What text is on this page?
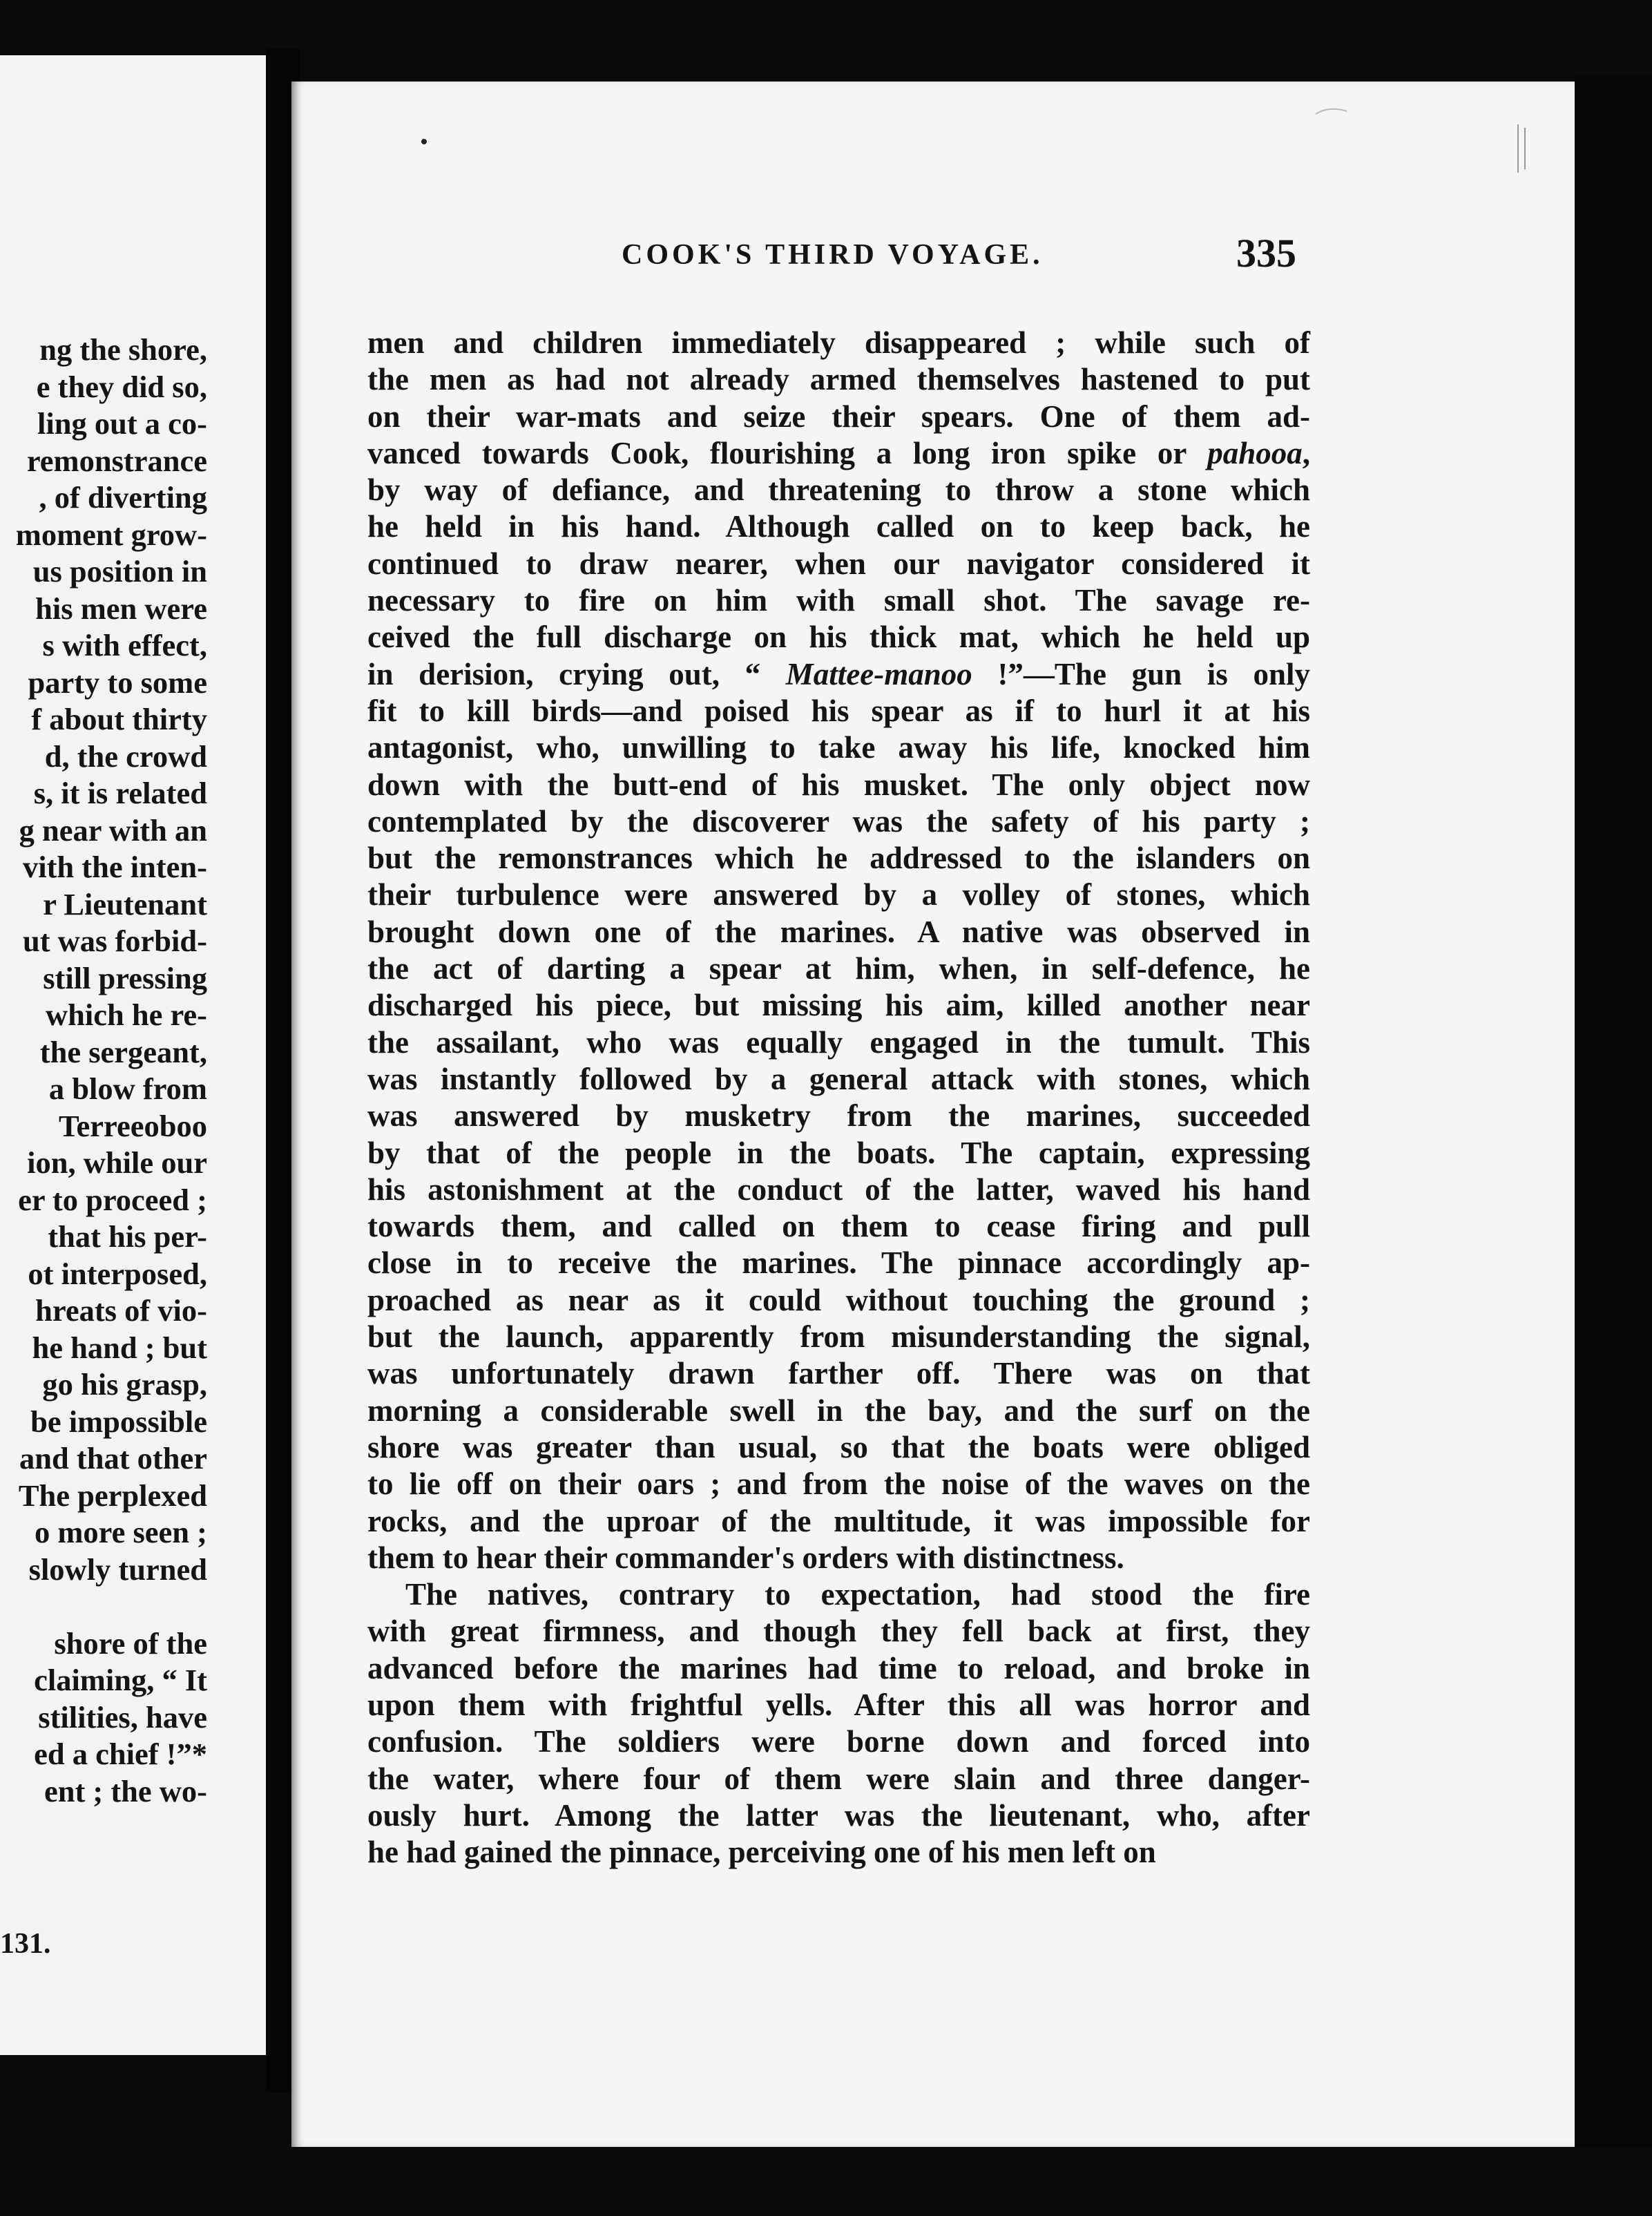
ng the shore,
e they did so,
ling out a co-
remonstrance
, of diverting
moment grow-
us position in
his men were
s with effect,
party to some
f about thirty
d, the crowd
s, it is related
g near with an
vith the inten-
r Lieutenant
ut was forbid-
still pressing
which he re-
the sergeant,
a blow from
Terreeoboo
ion, while our
er to proceed ;
that his per-
ot interposed,
hreats of vio-
he hand ; but
go his grasp,
be impossible
and that other
The perplexed
o more seen ;
slowly turned
shore of the
claiming, “ It
stilities, have
ed a chief !”*
ent ; the wo-
131.
COOK'S THIRD VOYAGE.	335
men and children immediately disappeared ; while such of
the men as had not already armed themselves hastened to put
on their war-mats and seize their spears. One of them ad-
vanced towards Cook, flourishing a long iron spike or pahooa,
by way of defiance, and threatening to throw a stone which
he held in his hand. Although called on to keep back, he
continued to draw nearer, when our navigator considered it
necessary to fire on him with small shot. The savage re-
ceived the full discharge on his thick mat, which he held up
in derision, crying out, “ Mattee-manoo !”—The gun is only
fit to kill birds—and poised his spear as if to hurl it at his
antagonist, who, unwilling to take away his life, knocked him
down with the butt-end of his musket. The only object now
contemplated by the discoverer was the safety of his party ;
but the remonstrances which he addressed to the islanders on
their turbulence were answered by a volley of stones, which
brought down one of the marines. A native was observed in
the act of darting a spear at him, when, in self-defence, he
discharged his piece, but missing his aim, killed another near
the assailant, who was equally engaged in the tumult. This
was instantly followed by a general attack with stones, which
was answered by musketry from the marines, succeeded
by that of the people in the boats. The captain, expressing
his astonishment at the conduct of the latter, waved his hand
towards them, and called on them to cease firing and pull
close in to receive the marines. The pinnace accordingly ap-
proached as near as it could without touching the ground ;
but the launch, apparently from misunderstanding the signal,
was unfortunately drawn farther off. There was on that
morning a considerable swell in the bay, and the surf on the
shore was greater than usual, so that the boats were obliged
to lie off on their oars ; and from the noise of the waves on the
rocks, and the uproar of the multitude, it was impossible for
them to hear their commander's orders with distinctness.
The natives, contrary to expectation, had stood the fire
with great firmness, and though they fell back at first, they
advanced before the marines had time to reload, and broke in
upon them with frightful yells. After this all was horror and
confusion. The soldiers were borne down and forced into
the water, where four of them were slain and three danger-
ously hurt. Among the latter was the lieutenant, who, after
he had gained the pinnace, perceiving one of his men left on
